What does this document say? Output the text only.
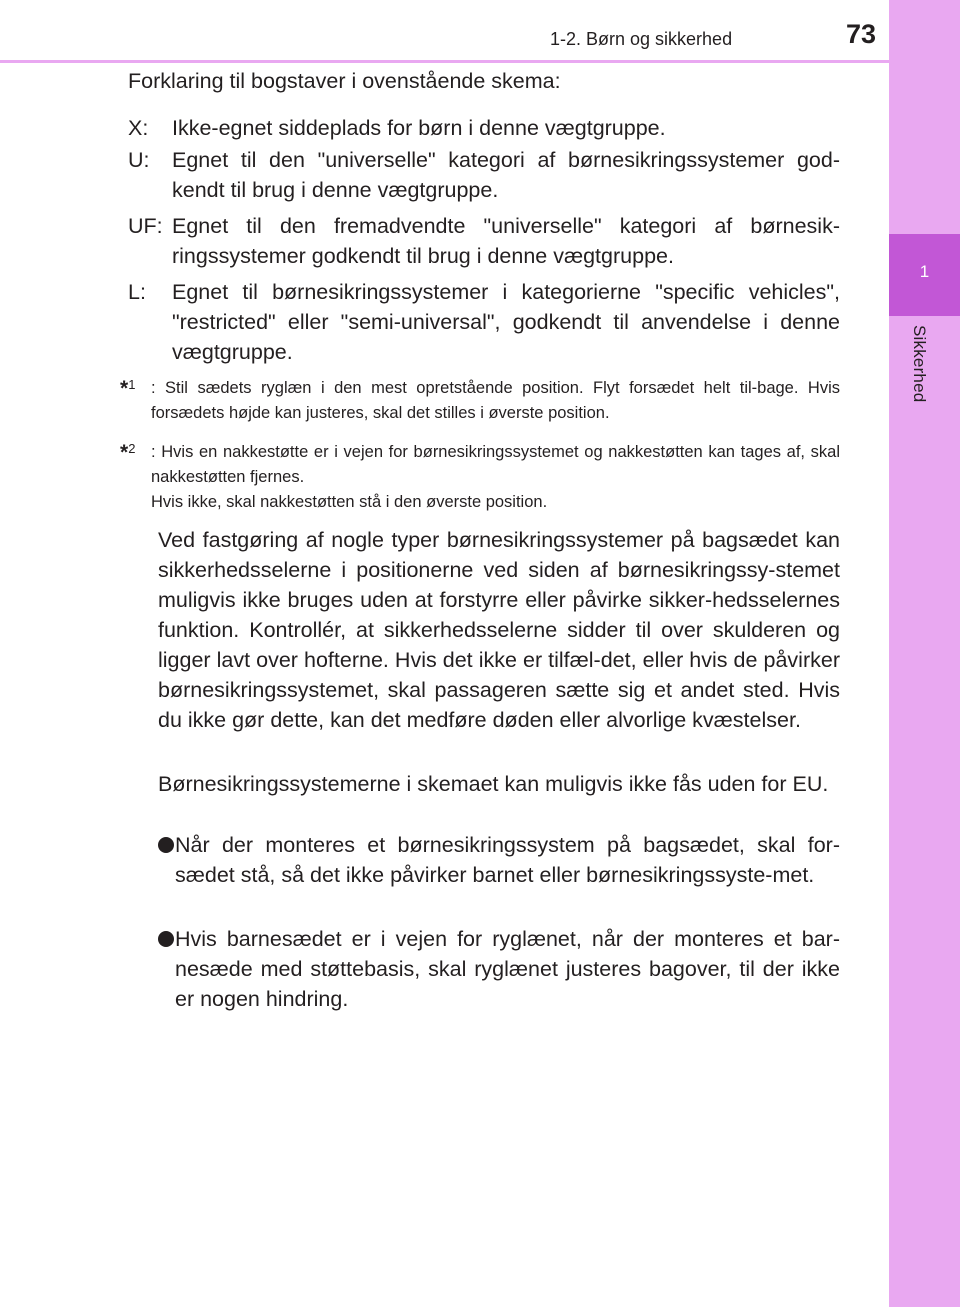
1
Sikkerhed
1-2. Børn og sikkerhed	73
Forklaring til bogstaver i ovenstående skema:
X: Ikke-egnet siddeplads for børn i denne vægtgruppe.
U: Egnet til den "universelle" kategori af børnesikringssystemer god-kendt til brug i denne vægtgruppe.
UF: Egnet til den fremadvendte "universelle" kategori af børnesik-ringssystemer godkendt til brug i denne vægtgruppe.
L: Egnet til børnesikringssystemer i kategorierne "specific vehicles", "restricted" eller "semi-universal", godkendt til anvendelse i denne vægtgruppe.
*$^1$ : Stil sædets ryglæn i den mest opretstående position. Flyt forsædet helt til-bage. Hvis forsædets højde kan justeres, skal det stilles i øverste position.
*$^2$ : Hvis en nakkestøtte er i vejen for børnesikringssystemet og nakkestøtten kan tages af, skal nakkestøtten fjernes.
Hvis ikke, skal nakkestøtten stå i den øverste position.
Ved fastgøring af nogle typer børnesikringssystemer på bagsædet kan sikkerhedsselerne i positionerne ved siden af børnesikringssy-stemet muligvis ikke bruges uden at forstyrre eller påvirke sikker-hedsselernes funktion. Kontrollér, at sikkerhedsselerne sidder til over skulderen og ligger lavt over hofterne. Hvis det ikke er tilfæl-det, eller hvis de påvirker børnesikringssystemet, skal passageren sætte sig et andet sted. Hvis du ikke gør dette, kan det medføre døden eller alvorlige kvæstelser.
Børnesikringssystemerne i skemaet kan muligvis ikke fås uden for EU.
Når der monteres et børnesikringssystem på bagsædet, skal for-sædet stå, så det ikke påvirker barnet eller børnesikringssyste-met.
Hvis barnesædet er i vejen for ryglænet, når der monteres et bar-nesæde med støttebasis, skal ryglænet justeres bagover, til der ikke er nogen hindring.
